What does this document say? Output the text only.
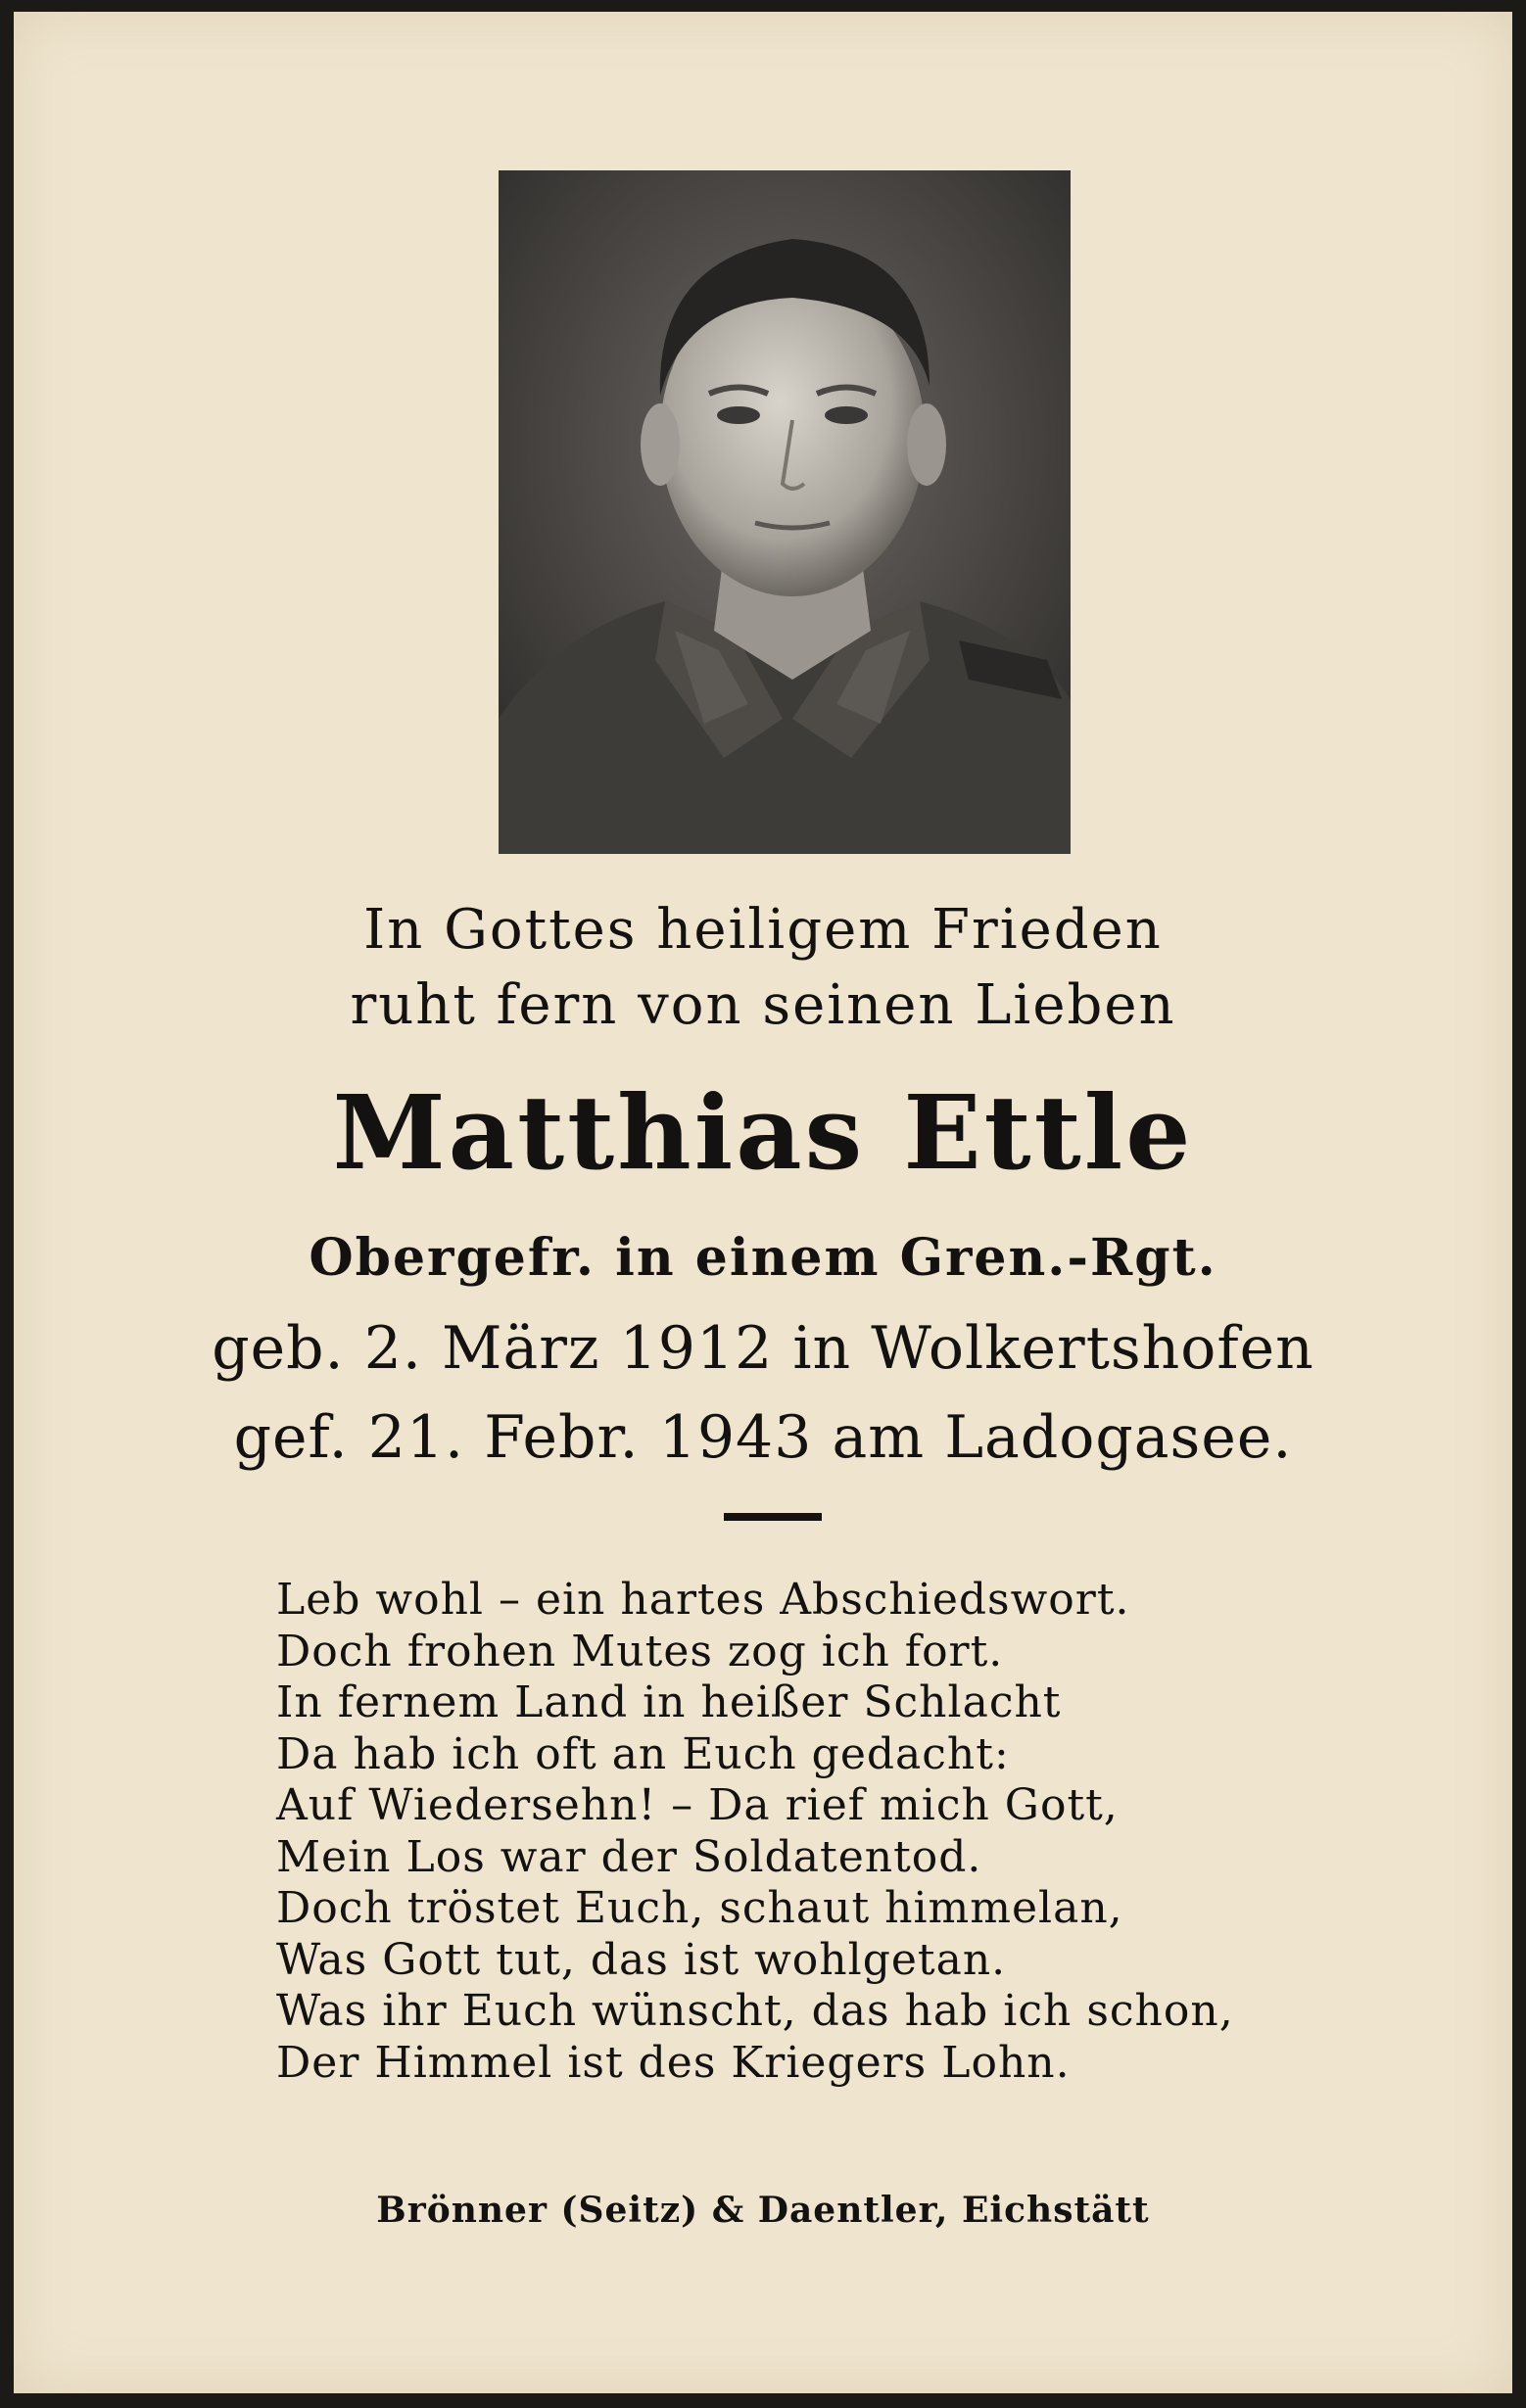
In Gottes heiligem Frieden
ruht fern von seinen Lieben
Matthias Ettle
Obergefr. in einem Gren.-Rgt.
geb. 2. März 1912 in Wolkertshofen
gef. 21. Febr. 1943 am Ladogasee.
Leb wohl – ein hartes Abschiedswort.
Doch frohen Mutes zog ich fort.
In fernem Land in heißer Schlacht
Da hab ich oft an Euch gedacht:
Auf Wiedersehn! – Da rief mich Gott,
Mein Los war der Soldatentod.
Doch tröstet Euch, schaut himmelan,
Was Gott tut, das ist wohlgetan.
Was ihr Euch wünscht, das hab ich schon,
Der Himmel ist des Kriegers Lohn.
Brönner (Seitz) & Daentler, Eichstätt
